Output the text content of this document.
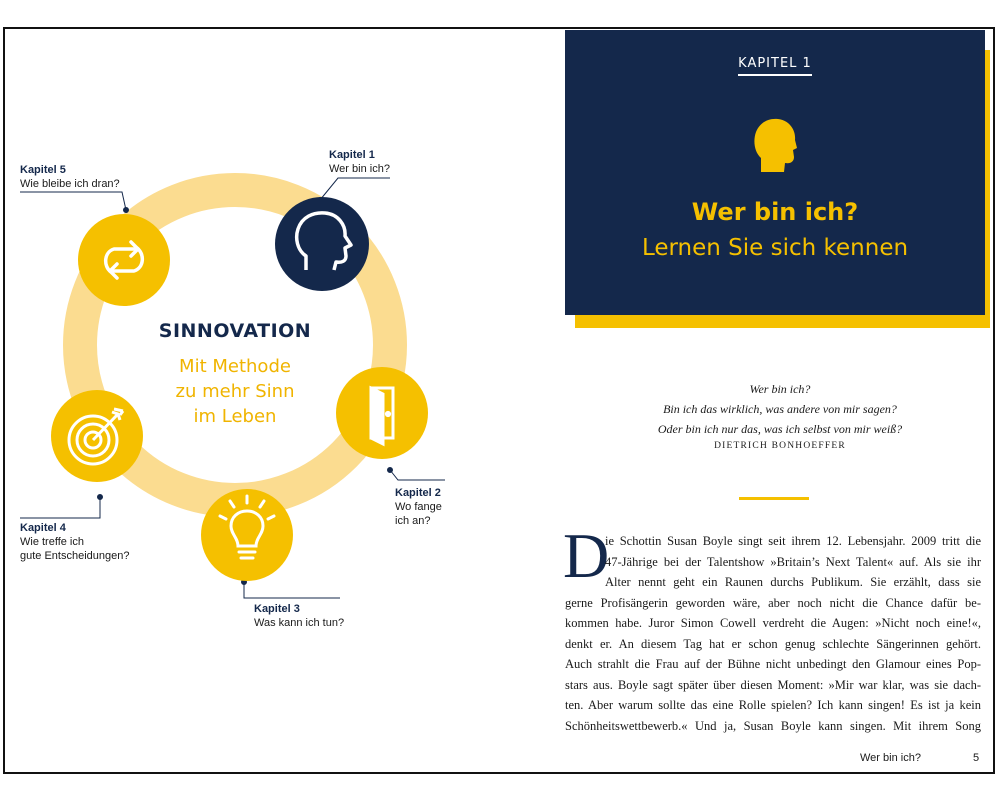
Kapitel 1
Wer bin ich?
Kapitel 5
Wie bleibe ich dran?
Kapitel 2
Wo fange
ich an?
Kapitel 4
Wie treffe ich
gute Entscheidungen?
Kapitel 3
Was kann ich tun?
SINNOVATION
Mit Methode
zu mehr Sinn
im Leben
KAPITEL 1
Wer bin ich?
Lernen Sie sich kennen
Wer bin ich?
Bin ich das wirklich, was andere von mir sagen?
Oder bin ich nur das, was ich selbst von mir weiß?
DIETRICH BONHOEFFER
D
ie Schottin Susan Boyle singt seit ihrem 12. Lebensjahr. 2009 tritt die
47-Jährige bei der Talentshow »Britain’s Next Talent« auf. Als sie ihr
Alter nennt geht ein Raunen durchs Publikum. Sie erzählt, dass sie
gerne Profisängerin geworden wäre, aber noch nicht die Chance dafür be-
kommen habe. Juror Simon Cowell verdreht die Augen: »Nicht noch eine!«,
denkt er. An diesem Tag hat er schon genug schlechte Sängerinnen gehört.
Auch strahlt die Frau auf der Bühne nicht unbedingt den Glamour eines Pop-
stars aus. Boyle sagt später über diesen Moment: »Mir war klar, was sie dach-
ten. Aber warum sollte das eine Rolle spielen? Ich kann singen! Es ist ja kein
Schönheitswettbewerb.« Und ja, Susan Boyle kann singen. Mit ihrem Song
Wer bin ich?	5
